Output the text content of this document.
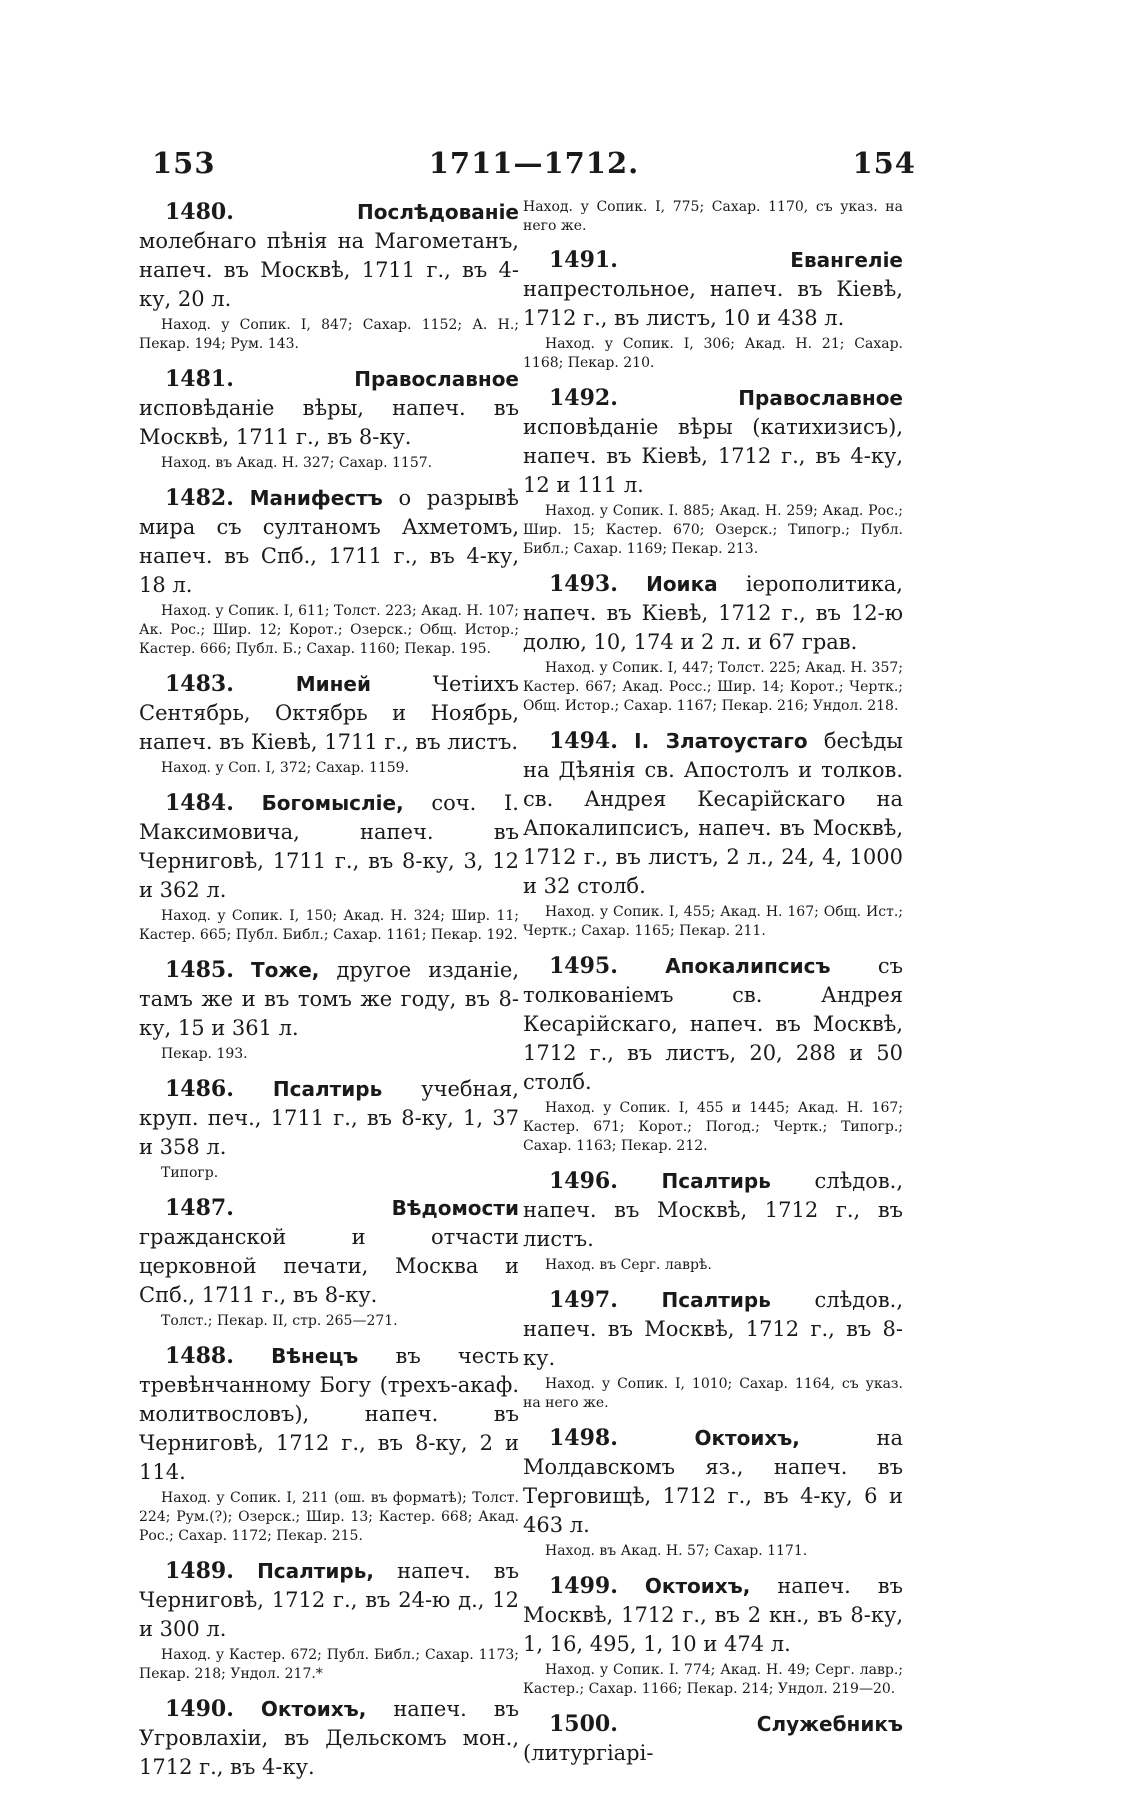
153	1711—1712.	154

1480.	Послѣдованіе молебнаго пѣнія на Магометанъ, напеч. въ Москвѣ, 1711 г., въ 4-ку, 20 л.

Наход. у Сопик. I, 847; Сахар. 1152; А. Н.; Пекар. 194; Рум. 143.

1481.	Православное исповѣданіе вѣры, напеч. въ Москвѣ, 1711 г., въ 8-ку.

Наход. въ Акад. Н. 327; Сахар. 1157.

1482. Манифестъ о разрывѣ мира съ султаномъ Ахметомъ, напеч. въ Спб., 1711 г., въ 4-ку, 18 л.

Наход. у Сопик. I, 611; Толст. 223; Акад. Н. 107; Ак. Рос.; Шир. 12; Корот.; Озерск.; Общ. Истор.; Кастер. 666; Публ. Б.; Сахар. 1160; Пекар. 195.

1483.	Миней	Четіихъ Сентябрь, Октябрь и Ноябрь, напеч. въ Кіевѣ, 1711 г., въ листъ.

Наход. у Соп. I, 372; Сахар. 1159.

1484. Богомысліе, соч. I. Максимовича, напеч. въ Черниговѣ, 1711 г., въ 8-ку, 3, 12 и 362 л.

Наход. у Сопик. I, 150; Акад. Н. 324; Шир. 11; Кастер. 665; Публ. Библ.; Сахар. 1161; Пекар. 192.

1485. Тоже, другое изданіе, тамъ же и въ томъ же году, въ 8-ку, 15 и 361 л.

Пекар. 193.

1486. Псалтирь учебная, круп. печ., 1711 г., въ 8-ку, 1, 37 и 358 л.

Типогр.

1487.	Вѣдомости гражданской и отчасти церковной печати, Москва и Спб., 1711 г., въ 8-ку.

Толст.; Пекар. II, стр. 265—271.

1488. Вѣнецъ въ честь тревѣнчанному Богу (трехъ-акаф. молитвословъ), напеч. въ Черниговѣ, 1712 г., въ 8-ку, 2 и 114.

Наход. у Сопик. I, 211 (ош. въ форматѣ); Толст. 224; Рум.(?); Озерск.; Шир. 13; Кастер. 668; Акад. Рос.; Сахар. 1172; Пекар. 215.

1489. Псалтирь, напеч. въ Черниговѣ, 1712 г., въ 24-ю д., 12 и 300 л.

Наход. у Кастер. 672; Публ. Библ.; Сахар. 1173; Пекар. 218; Ундол. 217.*

1490. Октоихъ, напеч. въ Угровлахіи, въ Дельскомъ мон., 1712 г., въ 4-ку.

Наход. у Сопик. I, 775; Сахар. 1170, съ указ. на него же.

1491.	Евангеліе напрестольное, напеч. въ Кіевѣ, 1712 г., въ листъ, 10 и 438 л.

Наход. у Сопик. I, 306; Акад. Н. 21; Сахар. 1168; Пекар. 210.

1492.	Православное исповѣданіе вѣры (катихизисъ), напеч. въ Кіевѣ, 1712 г., въ 4-ку, 12 и 111 л.

Наход. у Сопик. I. 885; Акад. Н. 259; Акад. Рос.; Шир. 15; Кастер. 670; Озерск.; Типогр.; Публ. Библ.; Сахар. 1169; Пекар. 213.

1493. Иоика іерополитика, напеч. въ Кіевѣ, 1712 г., въ 12-ю долю, 10, 174 и 2 л. и 67 грав.

Наход. у Сопик. I, 447; Толст. 225; Акад. Н. 357; Кастер. 667; Акад. Росс.; Шир. 14; Корот.; Чертк.; Общ. Истор.; Сахар. 1167; Пекар. 216; Ундол. 218.

1494. I. Златоустаго бесѣды на Дѣянія св. Апостолъ и толков. св. Андрея Кесарійскаго на Апокалипсисъ, напеч. въ Москвѣ, 1712 г., въ листъ, 2 л., 24, 4, 1000 и 32 столб.

Наход. у Сопик. I, 455; Акад. Н. 167; Общ. Ист.; Чертк.; Сахар. 1165; Пекар. 211.

1495. Апокалипсисъ съ толкованіемъ св. Андрея Кесарійскаго, напеч. въ Москвѣ, 1712 г., въ листъ, 20, 288 и 50 столб.

Наход. у Сопик. I, 455 и 1445; Акад. Н. 167; Кастер. 671; Корот.; Погод.; Чертк.; Типогр.; Сахар. 1163; Пекар. 212.

1496. Псалтирь слѣдов., напеч. въ Москвѣ, 1712 г., въ листъ.

Наход. въ Серг. лаврѣ.

1497. Псалтирь слѣдов., напеч. въ Москвѣ, 1712 г., въ 8-ку.

Наход. у Сопик. I, 1010; Сахар. 1164, съ указ. на него же.

1498.	Октоихъ,	на Молдавскомъ яз., напеч. въ Терговищѣ, 1712 г., въ 4-ку, 6 и 463 л.

Наход. въ Акад. Н. 57; Сахар. 1171.

1499. Октоихъ, напеч. въ Москвѣ, 1712 г., въ 2 кн., въ 8-ку, 1, 16, 495, 1, 10 и 474 л.

Наход. у Сопик. I. 774; Акад. Н. 49; Серг. лавр.; Кастер.; Сахар. 1166; Пекар. 214; Ундол. 219—20.

1500.	Служебникъ (литургіарі-
